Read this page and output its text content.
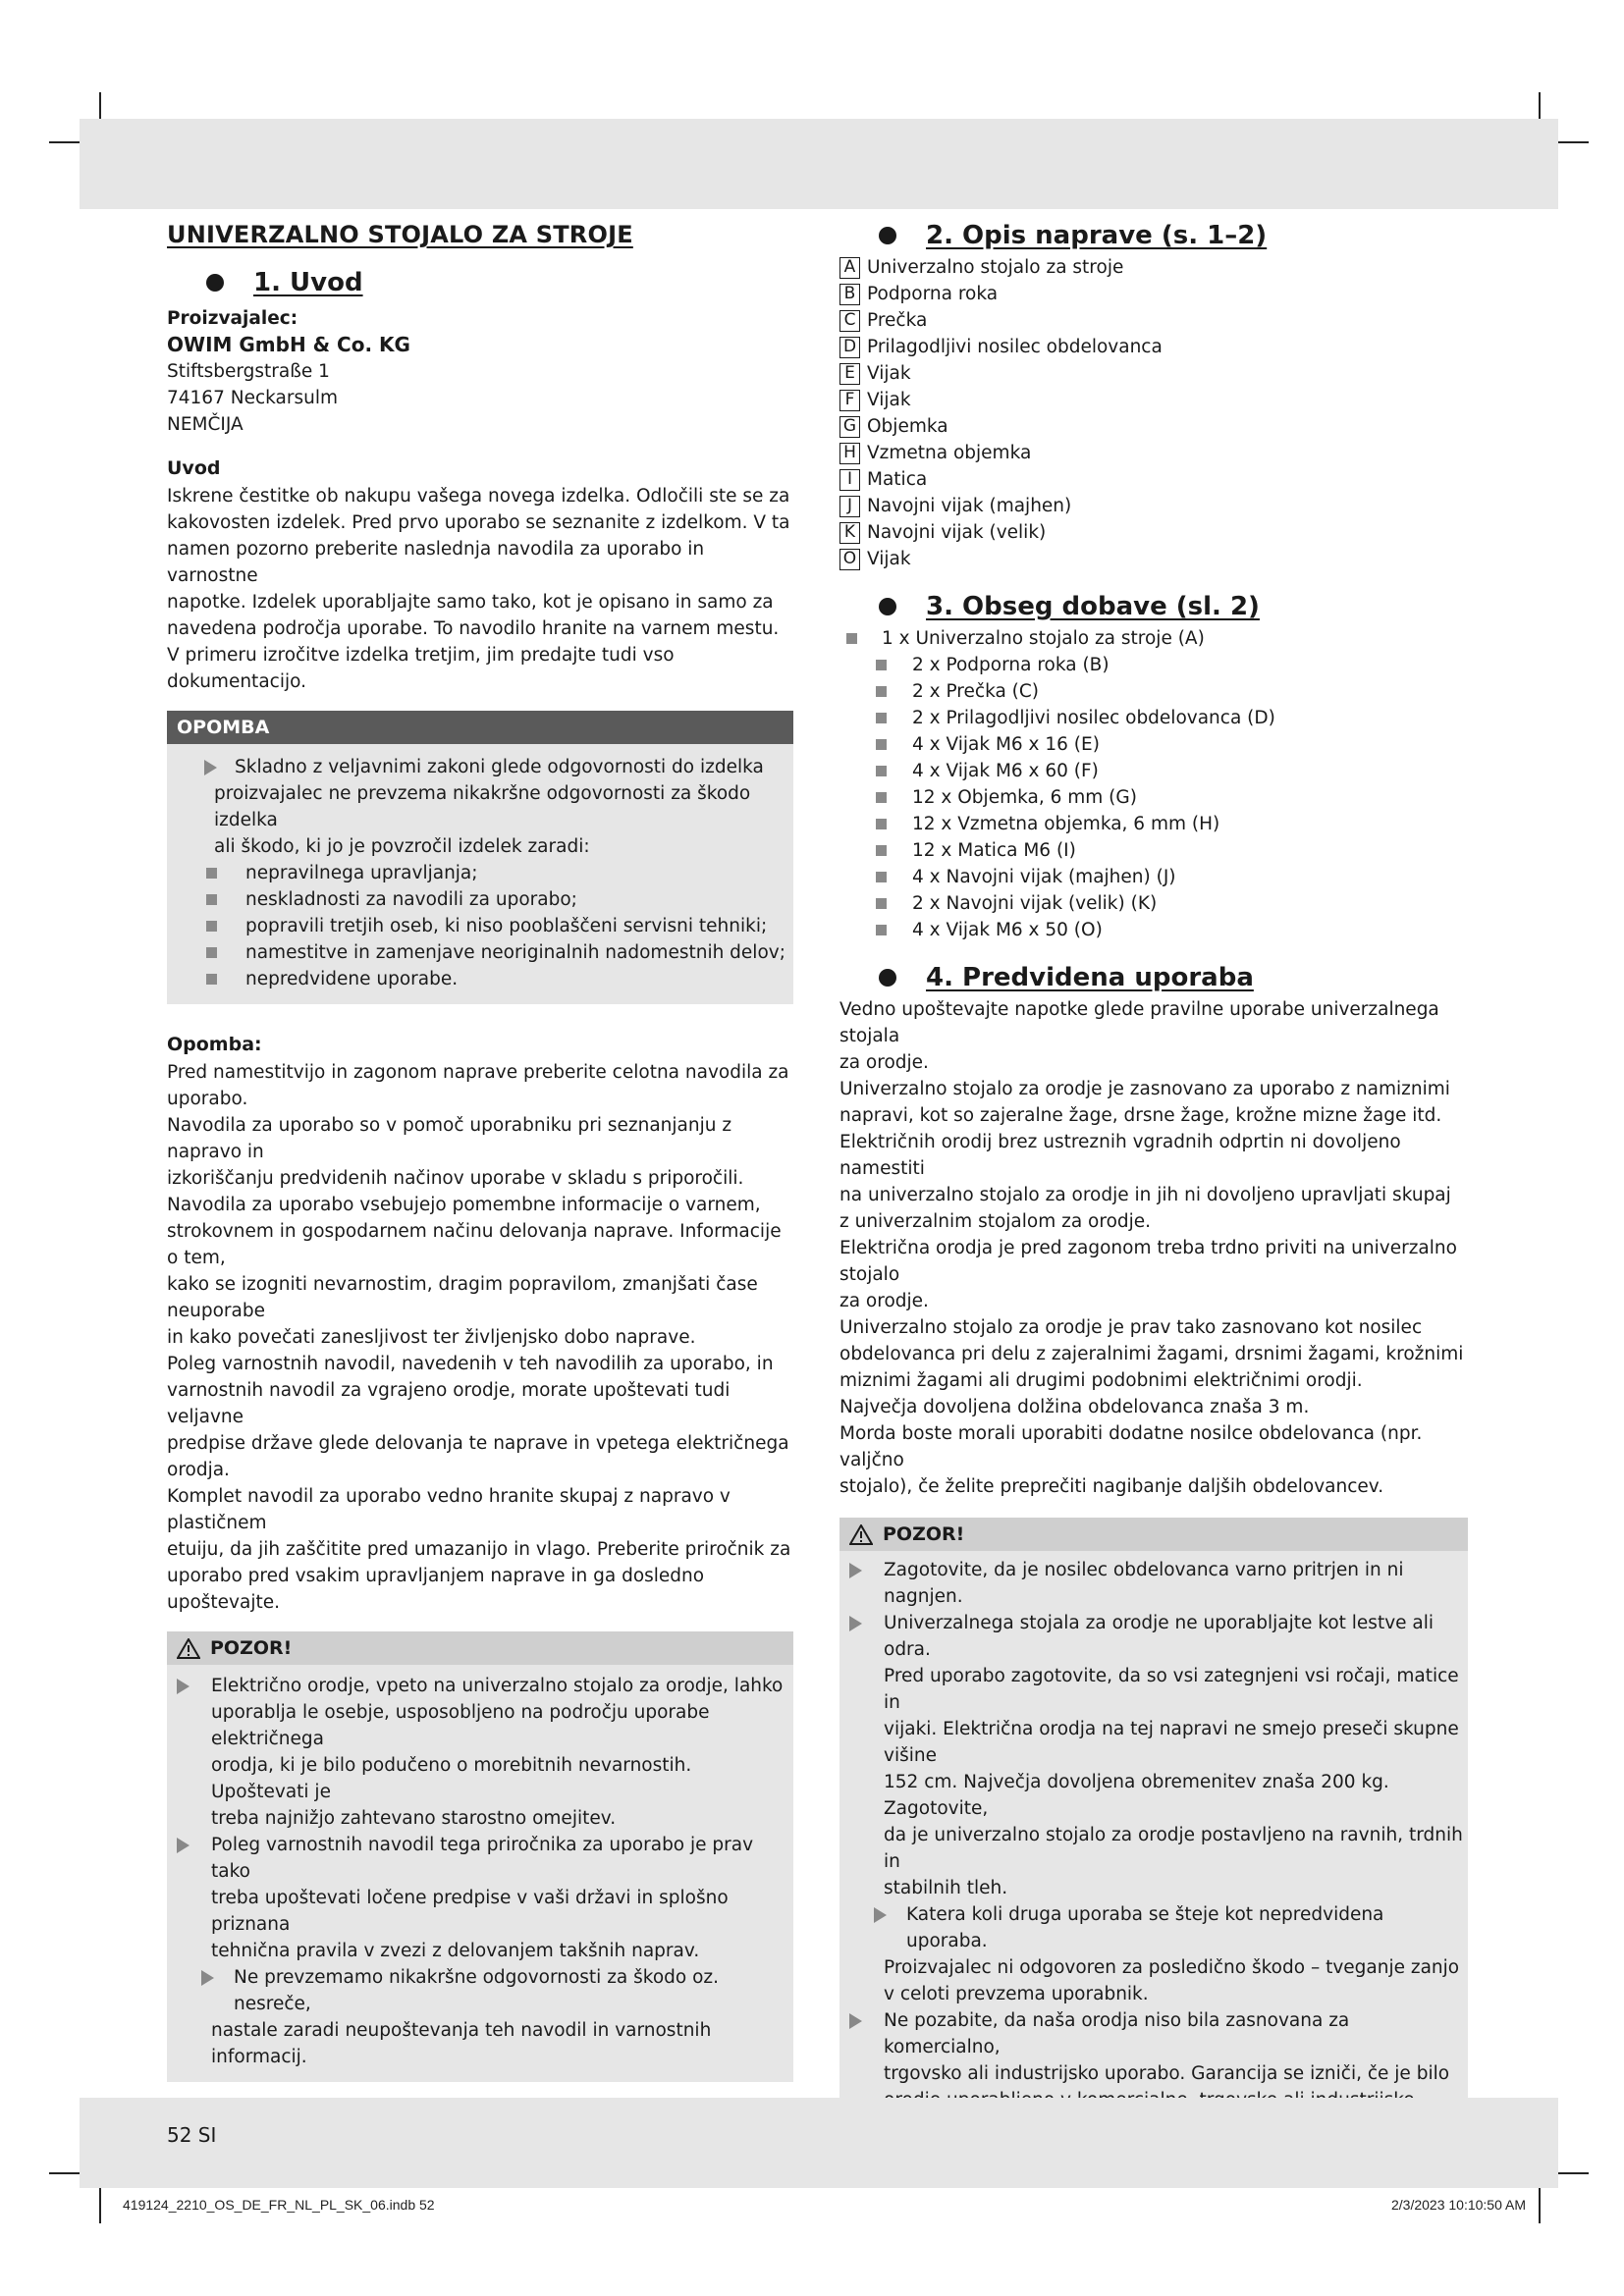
UNIVERZALNO STOJALO ZA STROJE
1. Uvod
Proizvajalec:
OWIM GmbH & Co. KG
Stiftsbergstraße 1
74167 Neckarsulm
NEMČIJA
Uvod
Iskrene čestitke ob nakupu vašega novega izdelka. Odločili ste se za
kakovosten izdelek. Pred prvo uporabo se seznanite z izdelkom. V ta
namen pozorno preberite naslednja navodila za uporabo in varnostne
napotke. Izdelek uporabljajte samo tako, kot je opisano in samo za
navedena področja uporabe. To navodilo hranite na varnem mestu.
V primeru izročitve izdelka tretjim, jim predajte tudi vso dokumentacijo.
OPOMBA
Skladno z veljavnimi zakoni glede odgovornosti do izdelka
proizvajalec ne prevzema nikakršne odgovornosti za škodo izdelka
ali škodo, ki jo je povzročil izdelek zaradi:
nepravilnega upravljanja;
neskladnosti za navodili za uporabo;
popravili tretjih oseb, ki niso pooblaščeni servisni tehniki;
namestitve in zamenjave neoriginalnih nadomestnih delov;
nepredvidene uporabe.
Opomba:
Pred namestitvijo in zagonom naprave preberite celotna navodila za
uporabo.
Navodila za uporabo so v pomoč uporabniku pri seznanjanju z napravo in
izkoriščanju predvidenih načinov uporabe v skladu s priporočili.
Navodila za uporabo vsebujejo pomembne informacije o varnem,
strokovnem in gospodarnem načinu delovanja naprave. Informacije o tem,
kako se izogniti nevarnostim, dragim popravilom, zmanjšati čase neuporabe
in kako povečati zanesljivost ter življenjsko dobo naprave.
Poleg varnostnih navodil, navedenih v teh navodilih za uporabo, in
varnostnih navodil za vgrajeno orodje, morate upoštevati tudi veljavne
predpise države glede delovanja te naprave in vpetega električnega
orodja.
Komplet navodil za uporabo vedno hranite skupaj z napravo v plastičnem
etuiju, da jih zaščitite pred umazanijo in vlago. Preberite priročnik za
uporabo pred vsakim upravljanjem naprave in ga dosledno upoštevajte.
POZOR!
Električno orodje, vpeto na univerzalno stojalo za orodje, lahko
uporablja le osebje, usposobljeno na področju uporabe električnega
orodja, ki je bilo podučeno o morebitnih nevarnostih. Upoštevati je
treba najnižjo zahtevano starostno omejitev.
Poleg varnostnih navodil tega priročnika za uporabo je prav tako
treba upoštevati ločene predpise v vaši državi in splošno priznana
tehnična pravila v zvezi z delovanjem takšnih naprav.
Ne prevzemamo nikakršne odgovornosti za škodo oz. nesreče,
nastale zaradi neupoštevanja teh navodil in varnostnih informacij.
2. Opis naprave (s. 1–2)
A Univerzalno stojalo za stroje
B Podporna roka
C Prečka
D Prilagodljivi nosilec obdelovanca
E Vijak
F Vijak
G Objemka
H Vzmetna objemka
I Matica
J Navojni vijak (majhen)
K Navojni vijak (velik)
O Vijak
3. Obseg dobave (sl. 2)
1 x Univerzalno stojalo za stroje (A)
2 x Podporna roka (B)
2 x Prečka (C)
2 x Prilagodljivi nosilec obdelovanca (D)
4 x Vijak M6 x 16 (E)
4 x Vijak M6 x 60 (F)
12 x Objemka, 6 mm (G)
12 x Vzmetna objemka, 6 mm (H)
12 x Matica M6 (I)
4 x Navojni vijak (majhen) (J)
2 x Navojni vijak (velik) (K)
4 x Vijak M6 x 50 (O)
4. Predvidena uporaba
Vedno upoštevajte napotke glede pravilne uporabe univerzalnega stojala
za orodje.
Univerzalno stojalo za orodje je zasnovano za uporabo z namiznimi
napravi, kot so zajeralne žage, drsne žage, krožne mizne žage itd.
Električnih orodij brez ustreznih vgradnih odprtin ni dovoljeno namestiti
na univerzalno stojalo za orodje in jih ni dovoljeno upravljati skupaj
z univerzalnim stojalom za orodje.
Električna orodja je pred zagonom treba trdno priviti na univerzalno stojalo
za orodje.
Univerzalno stojalo za orodje je prav tako zasnovano kot nosilec
obdelovanca pri delu z zajeralnimi žagami, drsnimi žagami, krožnimi
miznimi žagami ali drugimi podobnimi električnimi orodji.
Največja dovoljena dolžina obdelovanca znaša 3 m.
Morda boste morali uporabiti dodatne nosilce obdelovanca (npr. valjčno
stojalo), če želite preprečiti nagibanje daljših obdelovancev.
POZOR!
Zagotovite, da je nosilec obdelovanca varno pritrjen in ni nagnjen.
Univerzalnega stojala za orodje ne uporabljajte kot lestve ali odra.
Pred uporabo zagotovite, da so vsi zategnjeni vsi ročaji, matice in
vijaki. Električna orodja na tej napravi ne smejo preseči skupne višine
152 cm. Največja dovoljena obremenitev znaša 200 kg. Zagotovite,
da je univerzalno stojalo za orodje postavljeno na ravnih, trdnih in
stabilnih tleh.
Katera koli druga uporaba se šteje kot nepredvidena uporaba.
Proizvajalec ni odgovoren za posledično škodo – tveganje zanjo
v celoti prevzema uporabnik.
Ne pozabite, da naša orodja niso bila zasnovana za komercialno,
trgovsko ali industrijsko uporabo. Garancija se izniči, če je bilo
52 SI
419124_2210_OS_DE_FR_NL_PL_SK_06.indb 52	2/3/2023 10:10:50 AM
